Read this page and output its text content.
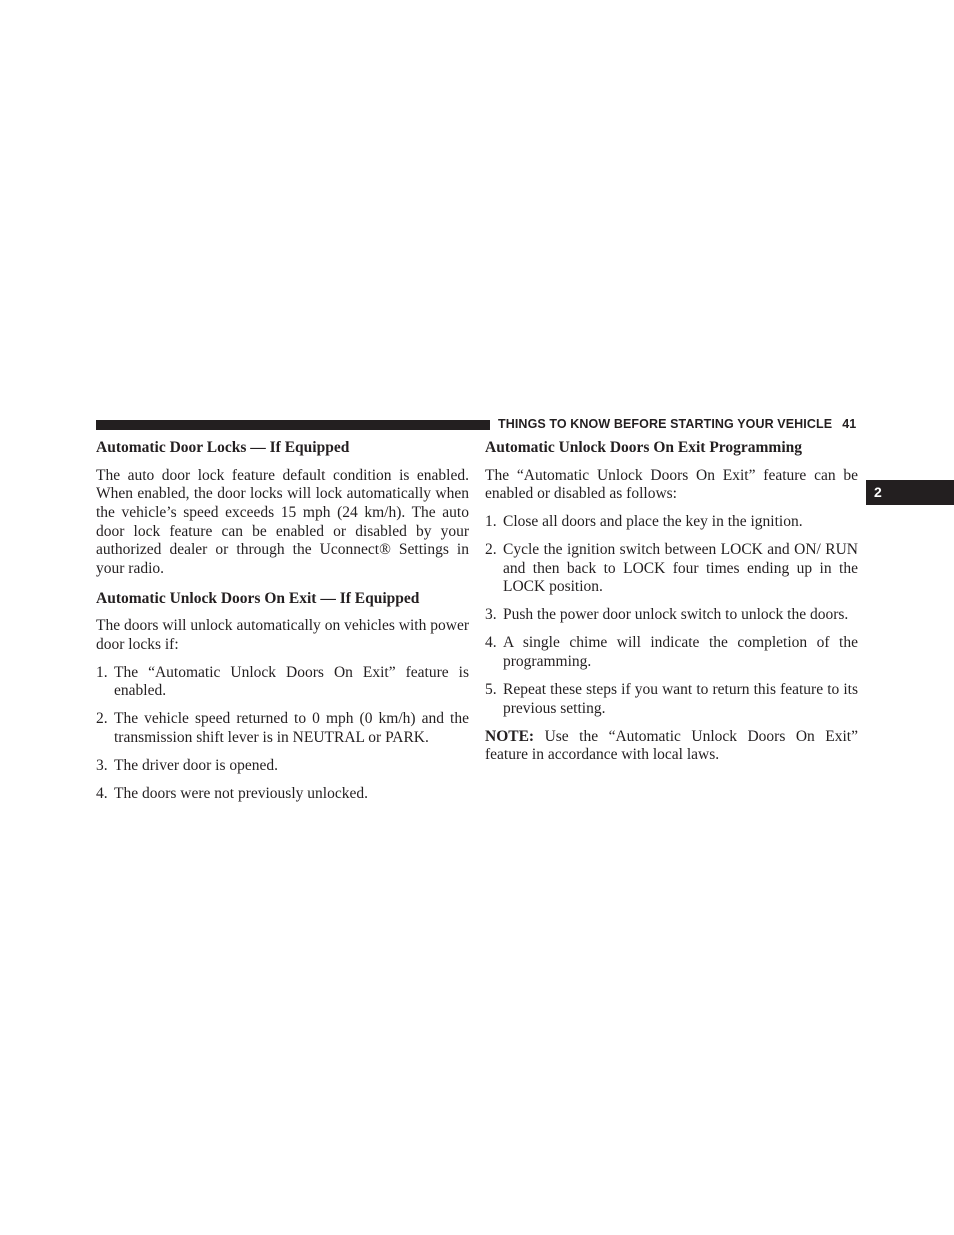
THINGS TO KNOW BEFORE STARTING YOUR VEHICLE 41
2
Automatic Door Locks — If Equipped

The auto door lock feature default condition is enabled. When enabled, the door locks will lock automatically when the vehicle’s speed exceeds 15 mph (24 km/h). The auto door lock feature can be enabled or disabled by your authorized dealer or through the Uconnect® Settings in your radio.

Automatic Unlock Doors On Exit — If Equipped

The doors will unlock automatically on vehicles with power door locks if:

1. The “Automatic Unlock Doors On Exit” feature is enabled.
2. The vehicle speed returned to 0 mph (0 km/h) and the transmission shift lever is in NEUTRAL or PARK.
3. The driver door is opened.
4. The doors were not previously unlocked.
Automatic Unlock Doors On Exit Programming

The “Automatic Unlock Doors On Exit” feature can be enabled or disabled as follows:

1. Close all doors and place the key in the ignition.
2. Cycle the ignition switch between LOCK and ON/ RUN and then back to LOCK four times ending up in the LOCK position.
3. Push the power door unlock switch to unlock the doors.
4. A single chime will indicate the completion of the programming.
5. Repeat these steps if you want to return this feature to its previous setting.

NOTE: Use the “Automatic Unlock Doors On Exit” feature in accordance with local laws.
